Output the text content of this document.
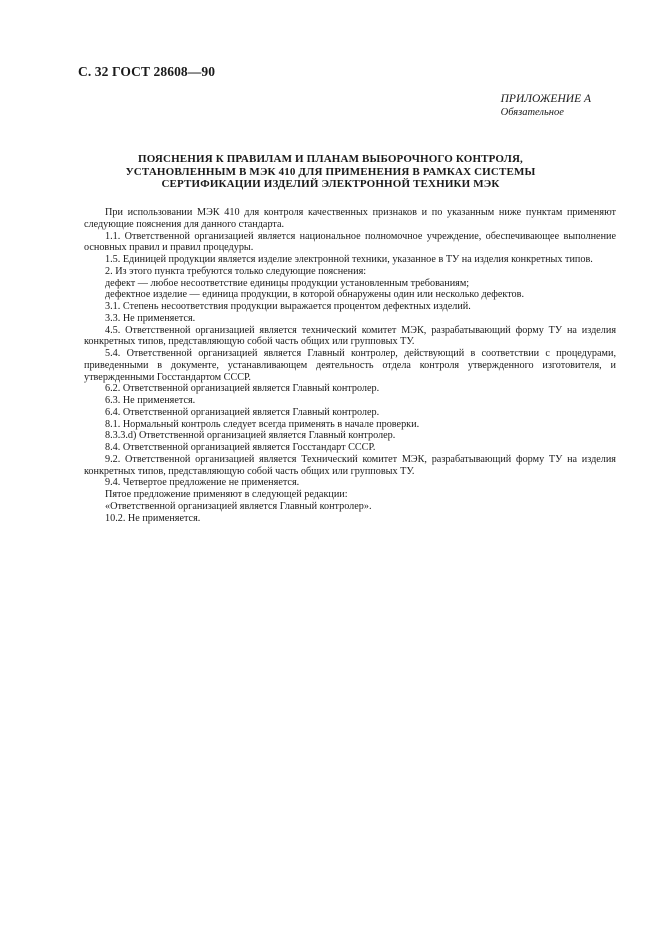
С. 32 ГОСТ 28608—90
ПРИЛОЖЕНИЕ А
Обязательное
ПОЯСНЕНИЯ К ПРАВИЛАМ И ПЛАНАМ ВЫБОРОЧНОГО КОНТРОЛЯ,
УСТАНОВЛЕННЫМ В МЭК 410 ДЛЯ ПРИМЕНЕНИЯ В РАМКАХ СИСТЕМЫ
СЕРТИФИКАЦИИ ИЗДЕЛИЙ ЭЛЕКТРОННОЙ ТЕХНИКИ МЭК

При использовании МЭК 410 для контроля качественных признаков и по указанным ниже пунктам применяют следующие пояснения для данного стандарта.

1.1. Ответственной организацией является национальное полномочное учреждение, обеспечивающее выполнение основных правил и правил процедуры.

1.5. Единицей продукции является изделие электронной техники, указанное в ТУ на изделия конкретных типов.

2. Из этого пункта требуются только следующие пояснения:

дефект — любое несоответствие единицы продукции установленным требованиям;

дефектное изделие — единица продукции, в которой обнаружены один или несколько дефектов.

3.1. Степень несоответствия продукции выражается процентом дефектных изделий.

3.3. Не применяется.

4.5. Ответственной организацией является технический комитет МЭК, разрабатывающий форму ТУ на изделия конкретных типов, представляющую собой часть общих или групповых ТУ.

5.4. Ответственной организацией является Главный контролер, действующий в соответствии с процедурами, приведенными в документе, устанавливающем деятельность отдела контроля утвержденного изготовителя, и утвержденными Госстандартом СССР.

6.2. Ответственной организацией является Главный контролер.

6.3. Не применяется.

6.4. Ответственной организацией является Главный контролер.

8.1. Нормальный контроль следует всегда применять в начале проверки.

8.3.3.d) Ответственной организацией является Главный контролер.

8.4. Ответственной организацией является Госстандарт СССР.

9.2. Ответственной организацией является Технический комитет МЭК, разрабатывающий форму ТУ на изделия конкретных типов, представляющую собой часть общих или групповых ТУ.

9.4. Четвертое предложение не применяется.

Пятое предложение применяют в следующей редакции:

«Ответственной организацией является Главный контролер».

10.2. Не применяется.
